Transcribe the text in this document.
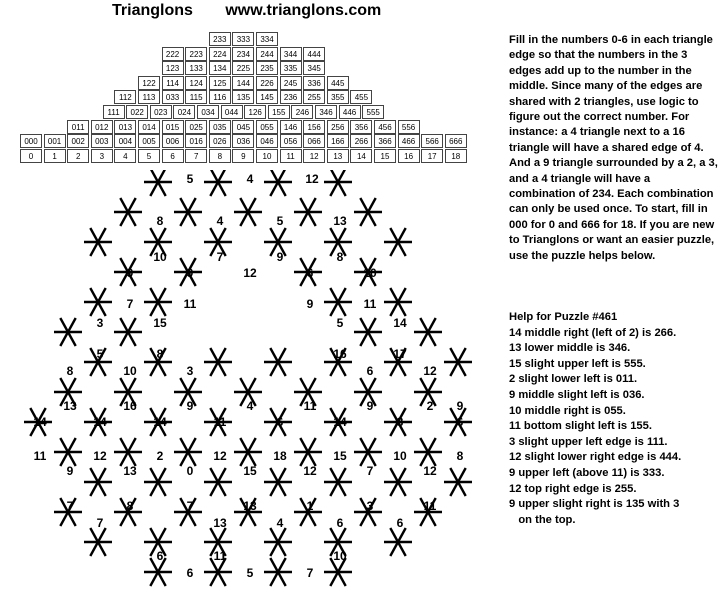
Trianglons www.trianglons.com
233	333	334
222	223	224	234	244	344	444
123	133	134	225	235	335	345
122	114	124	125	144	226	245	336	445
112	113	033	115	116	135	145	236	255	355	455
111	022	023	024	034	044	126	155	246	346	446	555
011	012	013	014	015	025	035	045	055	146	156	256	356	456	556
000	001	002	003	004	005	006	016	026	036	046	056	066	166	266	366	466	566	666
0	1	2	3	4	5	6	7	8	9	10	11	12	13	14	15	16	17	18
5	4	12
8	4	5	13
10	7	9	8
9	9	12	6	10
7	11	9	11
3	15	5	14
5	8	16	17
8	10	3	6	12
13	16	9	4	11	9	2 9
14	14	14	11	6	14	8	6
11	12	2	12	18	15	10	8
9	13	0	15	12	7	12
7	8	7	13	1	3	11
7	13	4	6	6
6	11	10
6	5	7
Fill in the numbers 0-6 in each triangle edge so that the numbers in the 3 edges add up to the number in the middle. Since many of the edges are shared with 2 triangles, use logic to figure out the correct number. For instance: a 4 triangle next to a 16 triangle will have a shared edge of 4. And a 9 triangle surrounded by a 2, a 3, and a 4 triangle will have a combination of 234. Each combination can only be used once. To start, fill in 000 for 0 and 666 for 18. If you are new to Trianglons or want an easier puzzle, use the puzzle helps below.
Help for Puzzle #461
14 middle right (left of 2) is 266.
13 lower middle is 346.
15 slight upper left is 555.
2 slight lower left is 011.
9 middle slight left is 036.
10 middle right is 055.
11 bottom slight left is 155.
3 slight upper left edge is 111.
12 slight lower right edge is 444.
9 upper left (above 11) is 333.
12 top right edge is 255.
9 upper slight right is 135 with 3
on the top.
